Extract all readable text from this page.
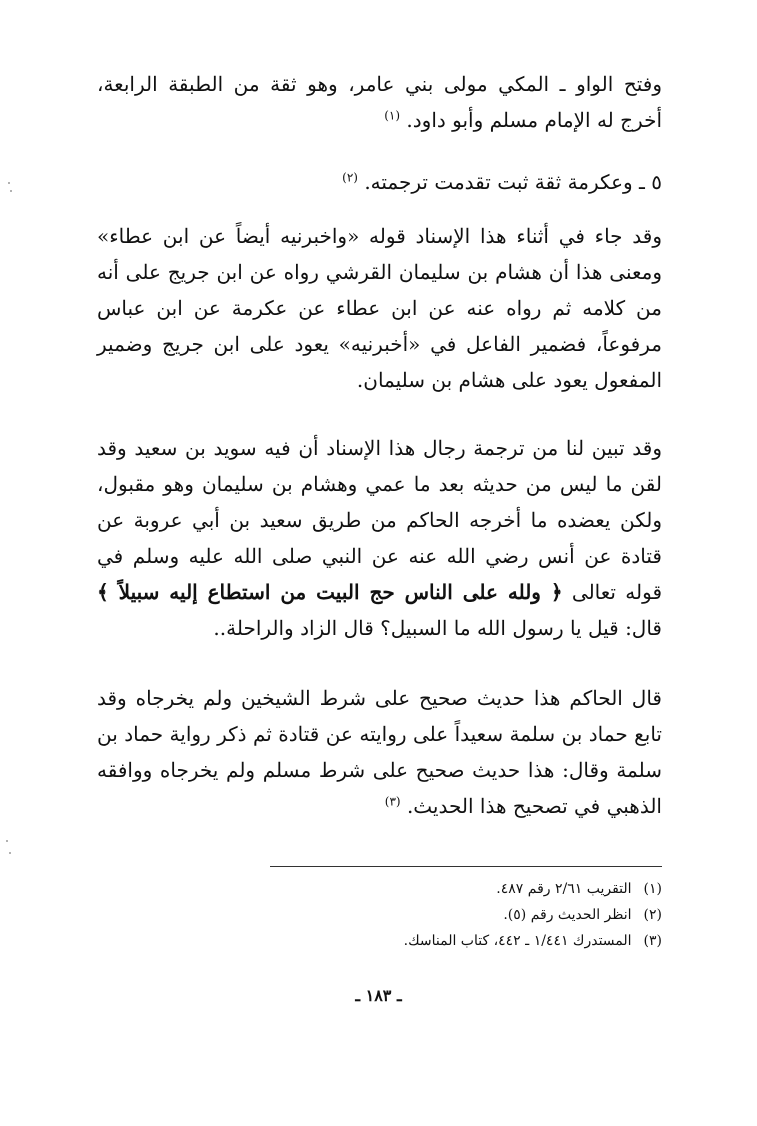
وفتح الواو ـ المكي مولى بني عامر، وهو ثقة من الطبقة الرابعة، أخرج له الإمام مسلم وأبو داود. $^{(١)}$

٥ ـ وعكرمة ثقة ثبت تقدمت ترجمته. $^{(٢)}$

وقد جاء في أثناء هذا الإسناد قوله «واخبرنيه أيضاً عن ابن عطاء» ومعنى هذا أن هشام بن سليمان القرشي رواه عن ابن جريج على أنه من كلامه ثم رواه عنه عن ابن عطاء عن عكرمة عن ابن عباس مرفوعاً، فضمير الفاعل في «أخبرنيه» يعود على ابن جريج وضمير المفعول يعود على هشام بن سليمان.

وقد تبين لنا من ترجمة رجال هذا الإسناد أن فيه سويد بن سعيد وقد لقن ما ليس من حديثه بعد ما عمي وهشام بن سليمان وهو مقبول، ولكن يعضده ما أخرجه الحاكم من طريق سعيد بن أبي عروبة عن قتادة عن أنس رضي الله عنه عن النبي صلى الله عليه وسلم في قوله تعالى ﴿ ولله على الناس حج البيت من استطاع إليه سبيلاً ﴾ قال: قيل يا رسول الله ما السبيل؟ قال الزاد والراحلة..

قال الحاكم هذا حديث صحيح على شرط الشيخين ولم يخرجاه وقد تابع حماد بن سلمة سعيداً على روايته عن قتادة ثم ذكر رواية حماد بن سلمة وقال: هذا حديث صحيح على شرط مسلم ولم يخرجاه ووافقه الذهبي في تصحيح هذا الحديث. $^{(٣)}$

(١) التقريب ٢/٦١ رقم ٤٨٧.

(٢) انظر الحديث رقم (٥).

(٣) المستدرك ١/٤٤١ ـ ٤٤٢، كتاب المناسك.

ـ ١٨٣ ـ
